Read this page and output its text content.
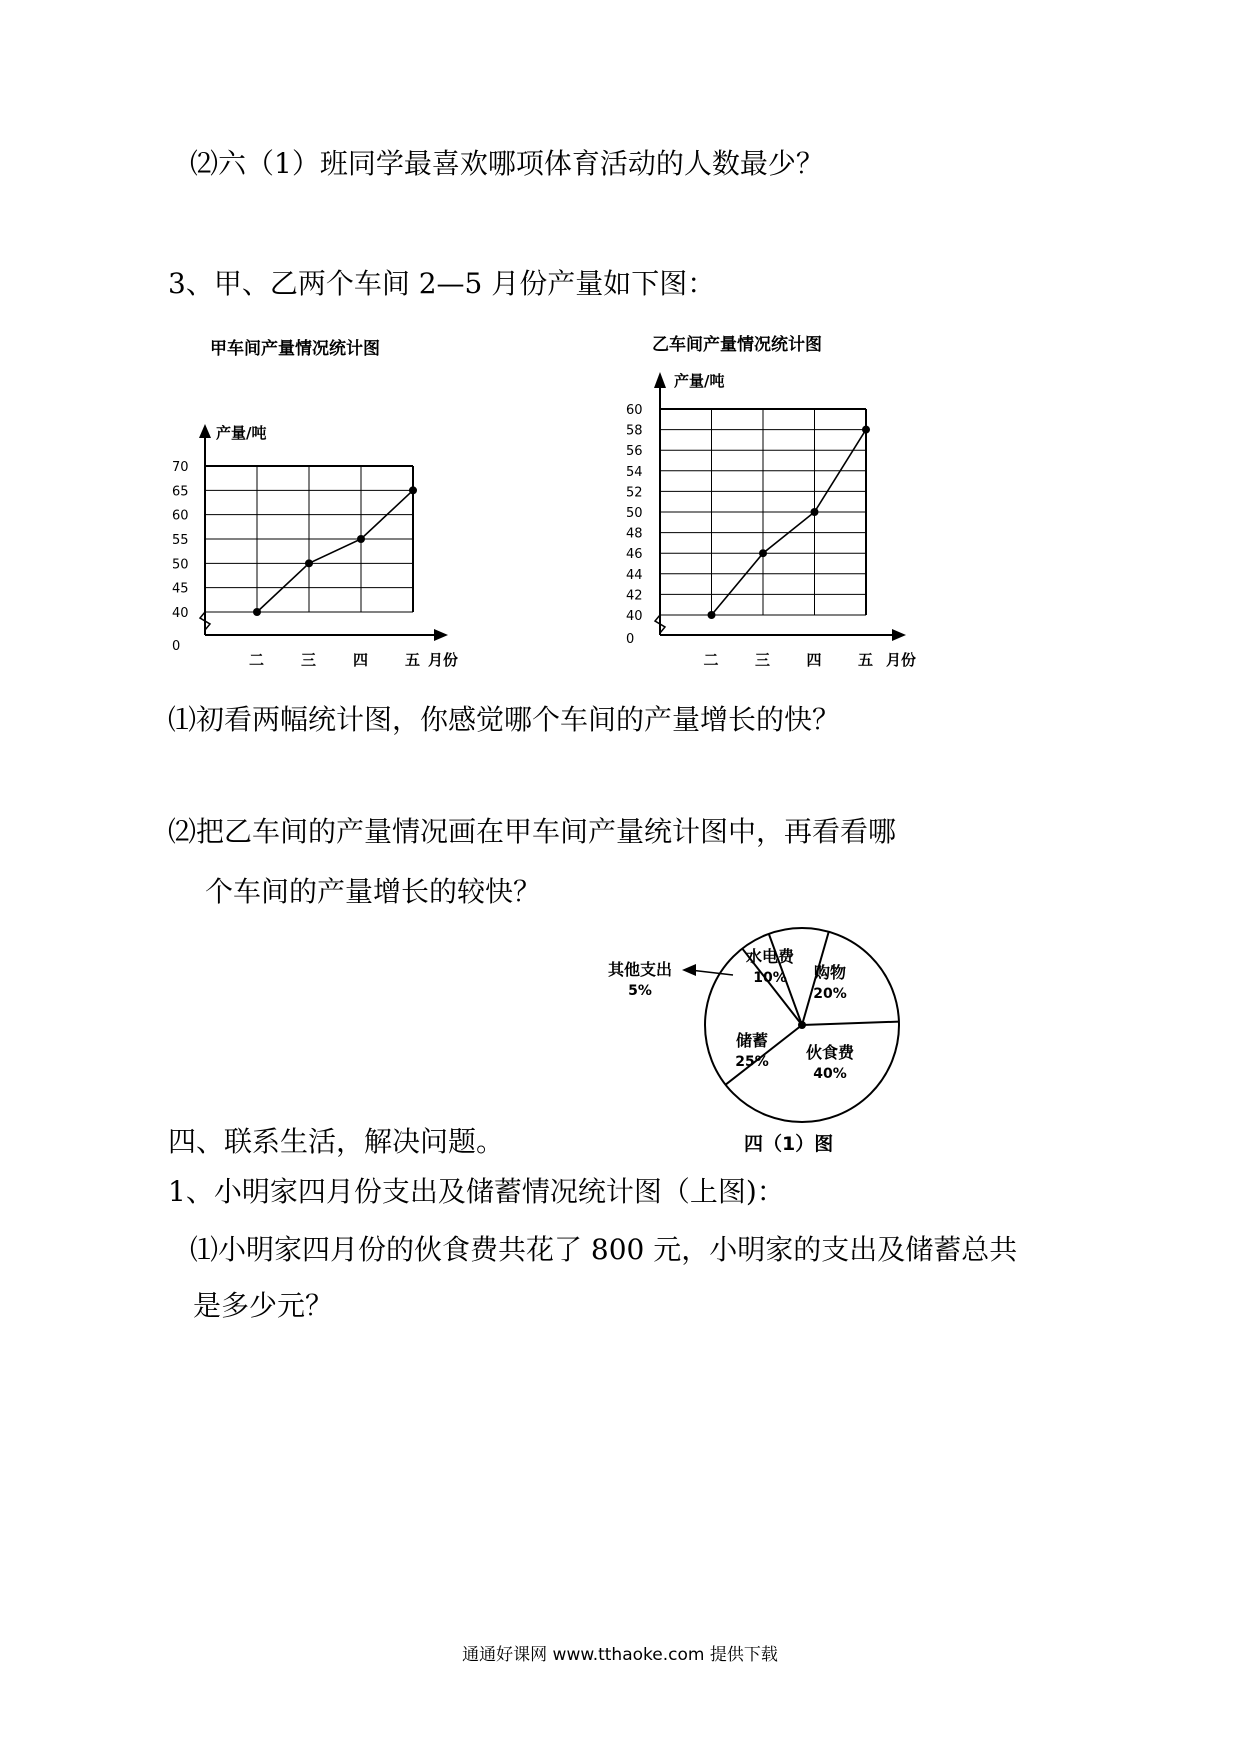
⑵六（1）班同学最喜欢哪项体育活动的人数最少？
3、甲、乙两个车间 2—5 月份产量如下图：
甲车间产量情况统计图
产量/吨
0
40
45
50
55
60
65
70
二 三 四 五 月份
乙车间产量情况统计图
产量/吨
0
40
42
44
46
48
50
52
54
56
58
60
二 三 四 五 月份
⑴初看两幅统计图，你感觉哪个车间的产量增长的快？
⑵把乙车间的产量情况画在甲车间产量统计图中，再看看哪
个车间的产量增长的较快？
水电费
10% 购物
20%
伙食费
40%
储蓄
25%
其他支出
5%
四（1）图
四、联系生活，解决问题。
1、小明家四月份支出及储蓄情况统计图（上图)：
⑴小明家四月份的伙食费共花了 800 元，小明家的支出及储蓄总共
是多少元？
通通好课网 www.tthaoke.com 提供下载
